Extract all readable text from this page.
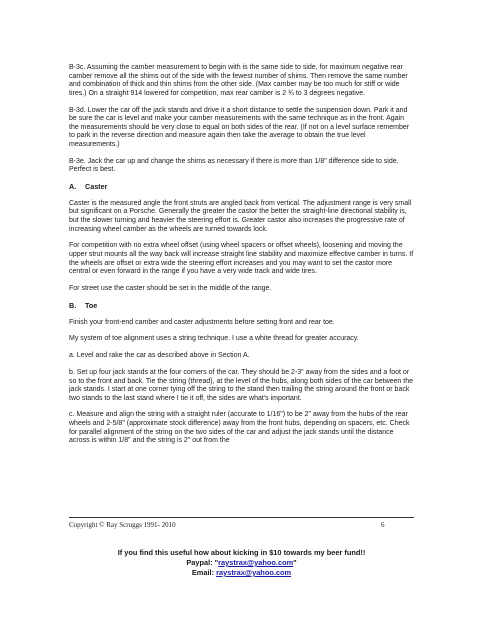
B-3c. Assuming the camber measurement to begin with is the same side to side, for maximum negative rear camber remove all the shims out of the side with the fewest number of shims. Then remove the same number and combination of thick and thin shims from the other side. (Max camber may be too much for stiff or wide tires.) On a straight 914 lowered for competition, max rear camber is 2 ¾ to 3 degrees negative.

B-3d. Lower the car off the jack stands and drive it a short distance to settle the suspension down. Park it and be sure the car is level and make your camber measurements with the same technique as in the front. Again the measurements should be very close to equal on both sides of the rear. (If not on a level surface remember to park in the reverse direction and measure again then take the average to obtain the true level measurements.)

B-3e. Jack the car up and change the shims as necessary if there is more than 1/8" difference side to side. Perfect is best.

A. Caster

Caster is the measured angle the front struts are angled back from vertical. The adjustment range is very small but significant on a Porsche. Generally the greater the castor the better the straight-line directional stability is, but the slower turning and heavier the steering effort is. Greater castor also increases the progressive rate of increasing wheel camber as the wheels are turned towards lock.

For competition with no extra wheel offset (using wheel spacers or offset wheels), loosening and moving the upper strut mounts all the way back will increase straight line stability and maximize effective camber in turns. If the wheels are offset or extra wide the steering effort increases and you may want to set the castor more central or even forward in the range if you have a very wide track and wide tires.

For street use the caster should be set in the middle of the range.

B. Toe

Finish your front-end camber and caster adjustments before setting front and rear toe.

My system of toe alignment uses a string technique. I use a white thread for greater accuracy.

a. Level and rake the car as described above in Section A.

b. Set up four jack stands at the four corners of the car. They should be 2-3" away from the sides and a foot or so to the front and back. Tie the string (thread), at the level of the hubs, along both sides of the car between the jack stands. I start at one corner tying off the string to the stand then trailing the string around the front or back two stands to the last stand where I tie it off, the sides are what's important.

c. Measure and align the string with a straight ruler (accurate to 1/16") to be 2" away from the hubs of the rear wheels and 2-5/8" (approximate stock difference) away from the front hubs, depending on spacers, etc. Check for parallel alignment of the string on the two sides of the car and adjust the jack stands until the distance across is within 1/8" and the string is 2" out from the

Copyright © Ray Scruggs 1991- 2010	6
If you find this useful how about kicking in $10 towards my beer fund!!
Paypal: "raystrax@yahoo.com"
Email: raystrax@yahoo.com
